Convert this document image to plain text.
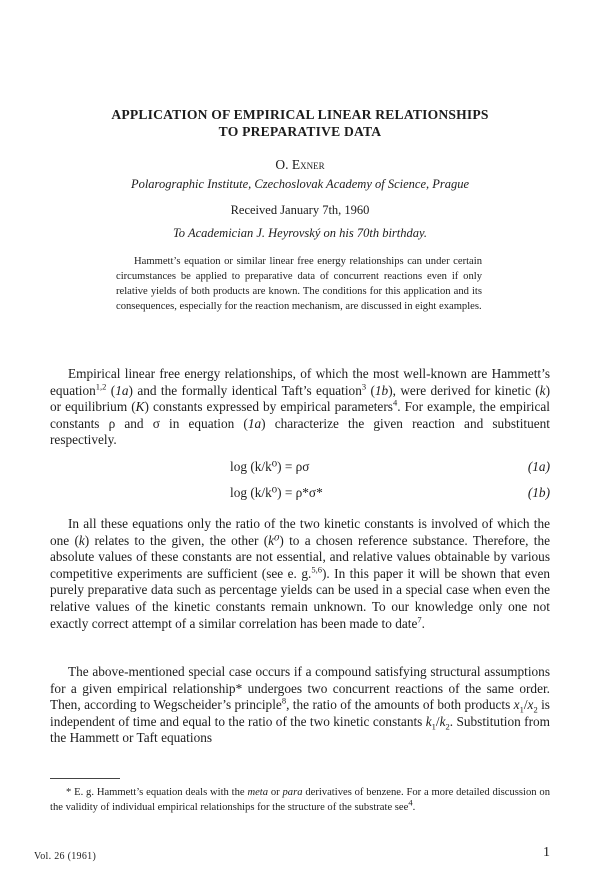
APPLICATION OF EMPIRICAL LINEAR RELATIONSHIPS
TO PREPARATIVE DATA
O. Exner
Polarographic Institute, Czechoslovak Academy of Science, Prague
Received January 7th, 1960
To Academician J. Heyrovský on his 70th birthday.

Hammett’s equation or similar linear free energy relationships can under certain circumstances be applied to preparative data of concurrent reactions even if only relative yields of both products are known. The conditions for this application and its consequences, especially for the reaction mechanism, are discussed in eight examples.

Empirical linear free energy relationships, of which the most well-known are Hammett’s equation$^{1,2}$ (1a) and the formally identical Taft’s equation$^3$ (1b), were derived for kinetic (k) or equilibrium (K) constants expressed by empirical parameters$^4$. For example, the empirical constants ρ and σ in equation (1a) characterize the given reaction and substituent respectively.

log (k/k⁰) = ρσ	(1a)
log (k/k⁰) = ρ*σ*	(1b)

In all these equations only the ratio of the two kinetic constants is involved of which the one (k) relates to the given, the other (k⁰) to a chosen reference substance. Therefore, the absolute values of these constants are not essential, and relative values obtainable by various competitive experiments are sufficient (see e. g.$^{5,6}$). In this paper it will be shown that even purely preparative data such as percentage yields can be used in a special case when even the relative values of the kinetic constants remain unknown. To our knowledge only one not exactly correct attempt of a similar correlation has been made to date$^7$.

The above-mentioned special case occurs if a compound satisfying structural assumptions for a given empirical relationship* undergoes two concurrent reactions of the same order. Then, according to Wegscheider’s principle$^8$, the ratio of the amounts of both products $x_1/x_2$ is independent of time and equal to the ratio of the two kinetic constants $k_1/k_2$. Substitution from the Hammett or Taft equations

* E. g. Hammett’s equation deals with the meta or para derivatives of benzene. For a more detailed discussion on the validity of individual empirical relationships for the structure of the substrate see$^4$.

Vol. 26 (1961)	1
